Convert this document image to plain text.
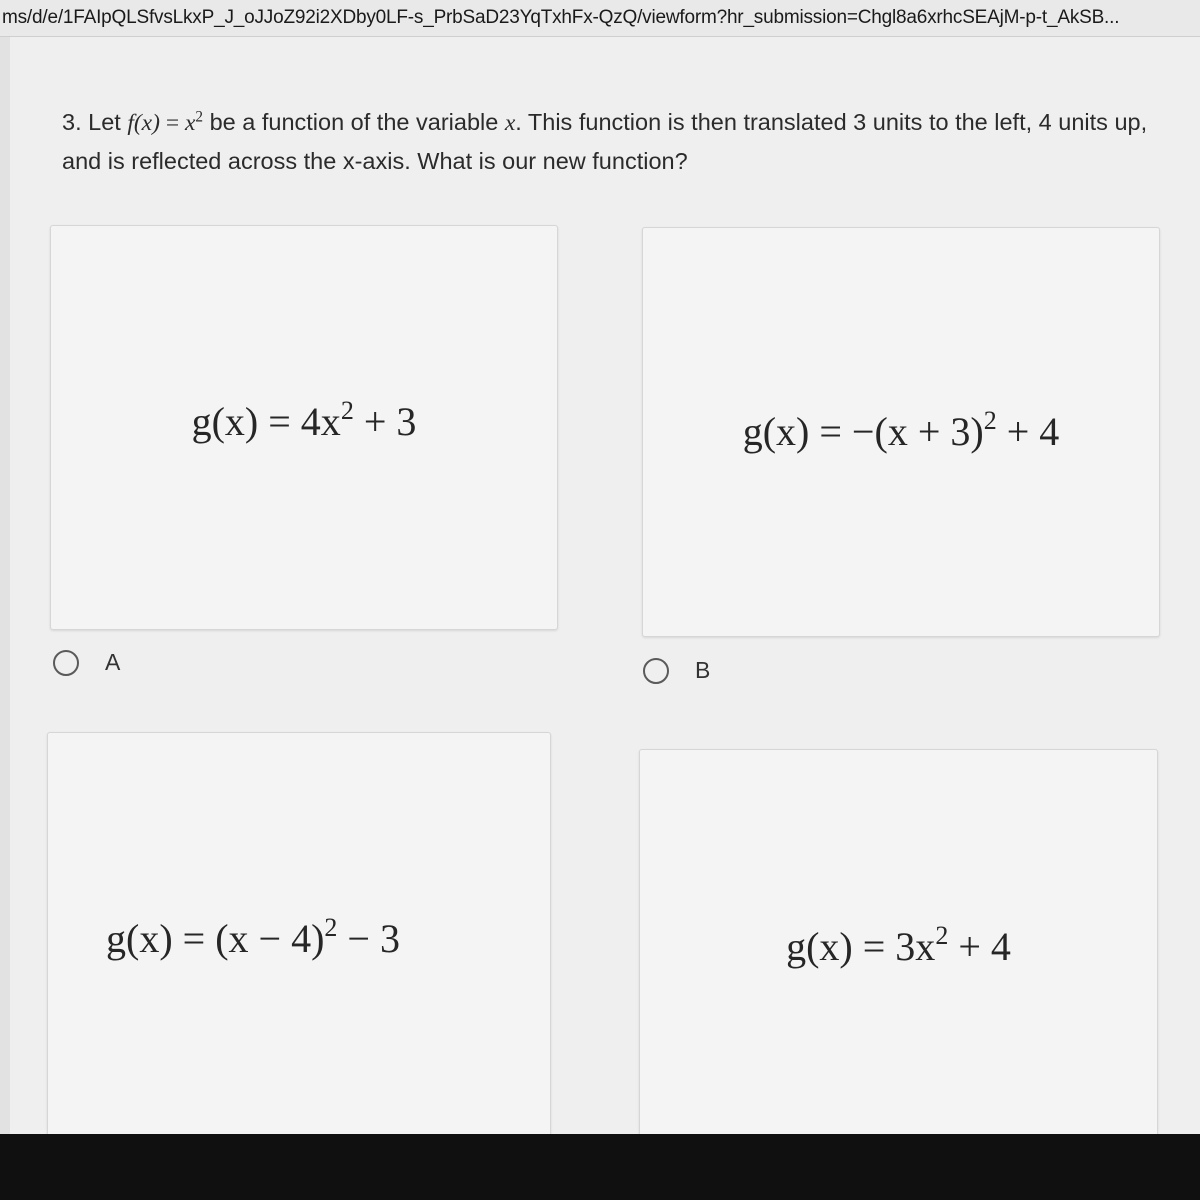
ms/d/e/1FAIpQLSfvsLkxP_J_oJJoZ92i2XDby0LF-s_PrbSaD23YqTxhFx-QzQ/viewform?hr_submission=Chgl8a6xrhcSEAjM-p-t_AkSB...
3. Let $f(x) = x^2$ be a function of the variable x. This function is then translated 3 units to the left, 4 units up, and is reflected across the x-axis. What is our new function?
$g(x) = 4x^2 + 3$
A
$g(x) = -(x + 3)^2 + 4$
B
$g(x) = (x - 4)^2 - 3$	$g(x) = 3x^2 + 4$
